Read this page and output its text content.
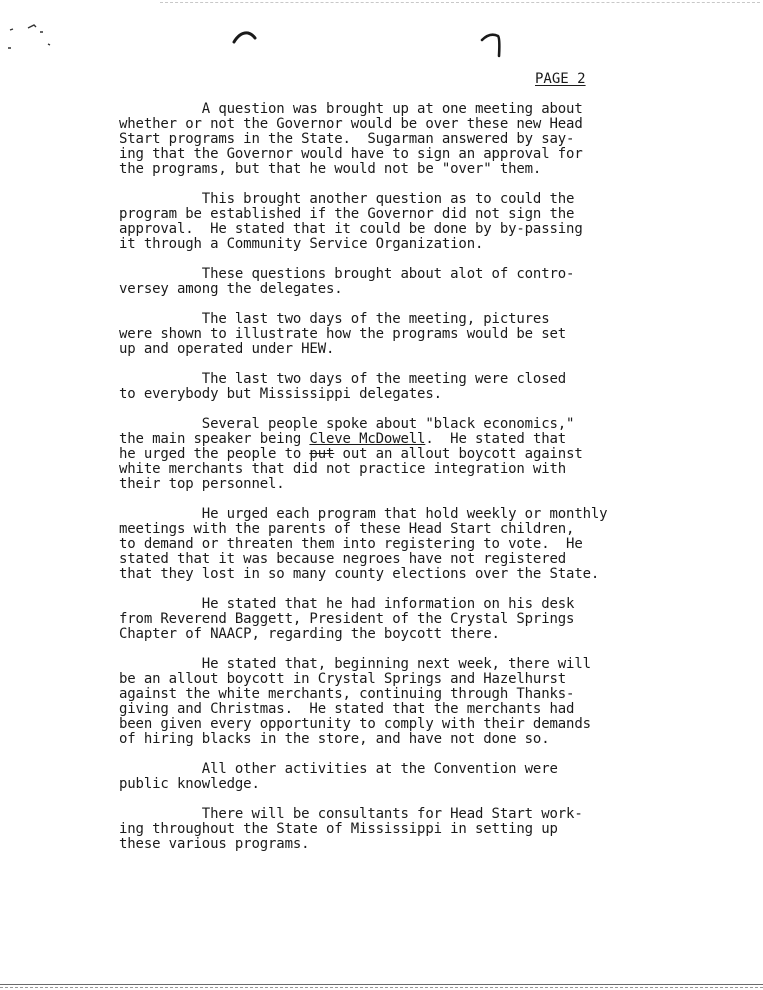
PAGE 2
A question was brought up at one meeting about
whether or not the Governor would be over these new Head
Start programs in the State.  Sugarman answered by say-
ing that the Governor would have to sign an approval for
the programs, but that he would not be "over" them.
This brought another question as to could the
program be established if the Governor did not sign the
approval.  He stated that it could be done by by-passing
it through a Community Service Organization.
These questions brought about alot of contro-
versey among the delegates.
The last two days of the meeting, pictures
were shown to illustrate how the programs would be set
up and operated under HEW.
The last two days of the meeting were closed
to everybody but Mississippi delegates.
Several people spoke about "black economics,"
the main speaker being Cleve McDowell.  He stated that
he urged the people to put out an allout boycott against
white merchants that did not practice integration with
their top personnel.
He urged each program that hold weekly or monthly
meetings with the parents of these Head Start children,
to demand or threaten them into registering to vote.  He
stated that it was because negroes have not registered
that they lost in so many county elections over the State.
He stated that he had information on his desk
from Reverend Baggett, President of the Crystal Springs
Chapter of NAACP, regarding the boycott there.
He stated that, beginning next week, there will
be an allout boycott in Crystal Springs and Hazelhurst
against the white merchants, continuing through Thanks-
giving and Christmas.  He stated that the merchants had
been given every opportunity to comply with their demands
of hiring blacks in the store, and have not done so.
All other activities at the Convention were
public knowledge.
There will be consultants for Head Start work-
ing throughout the State of Mississippi in setting up
these various programs.
